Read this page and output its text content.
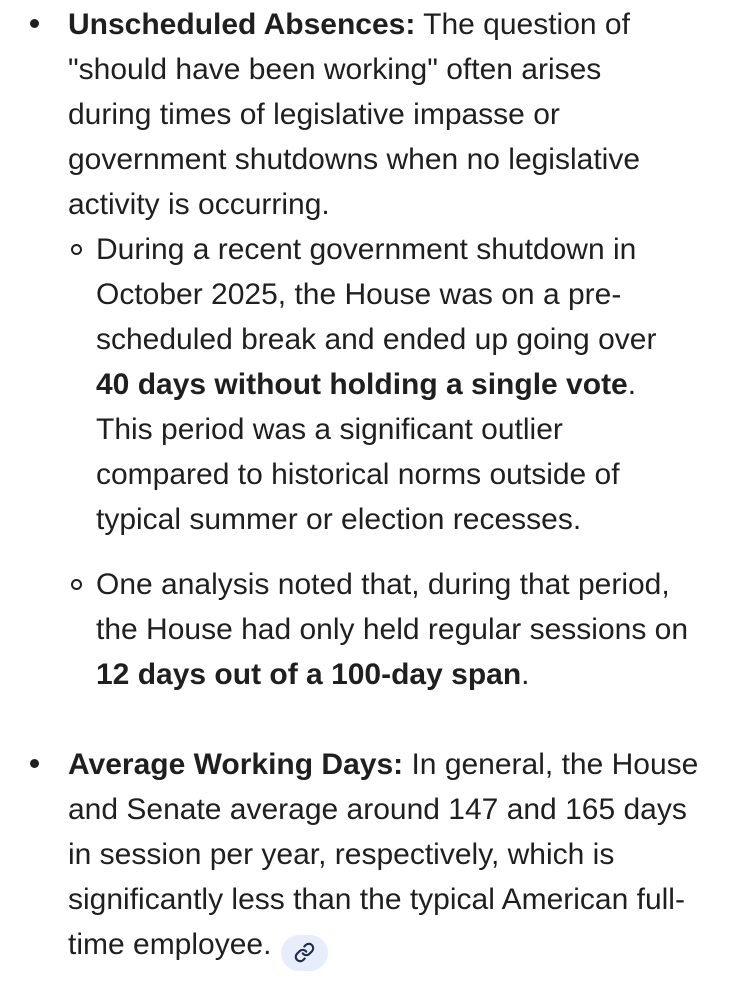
Unscheduled Absences: The question of "should have been working" often arises during times of legislative impasse or government shutdowns when no legislative activity is occurring.
During a recent government shutdown in October 2025, the House was on a pre-scheduled break and ended up going over 40 days without holding a single vote. This period was a significant outlier compared to historical norms outside of typical summer or election recesses.
One analysis noted that, during that period, the House had only held regular sessions on 12 days out of a 100-day span.
Average Working Days: In general, the House and Senate average around 147 and 165 days in session per year, respectively, which is significantly less than the typical American full-time employee.
